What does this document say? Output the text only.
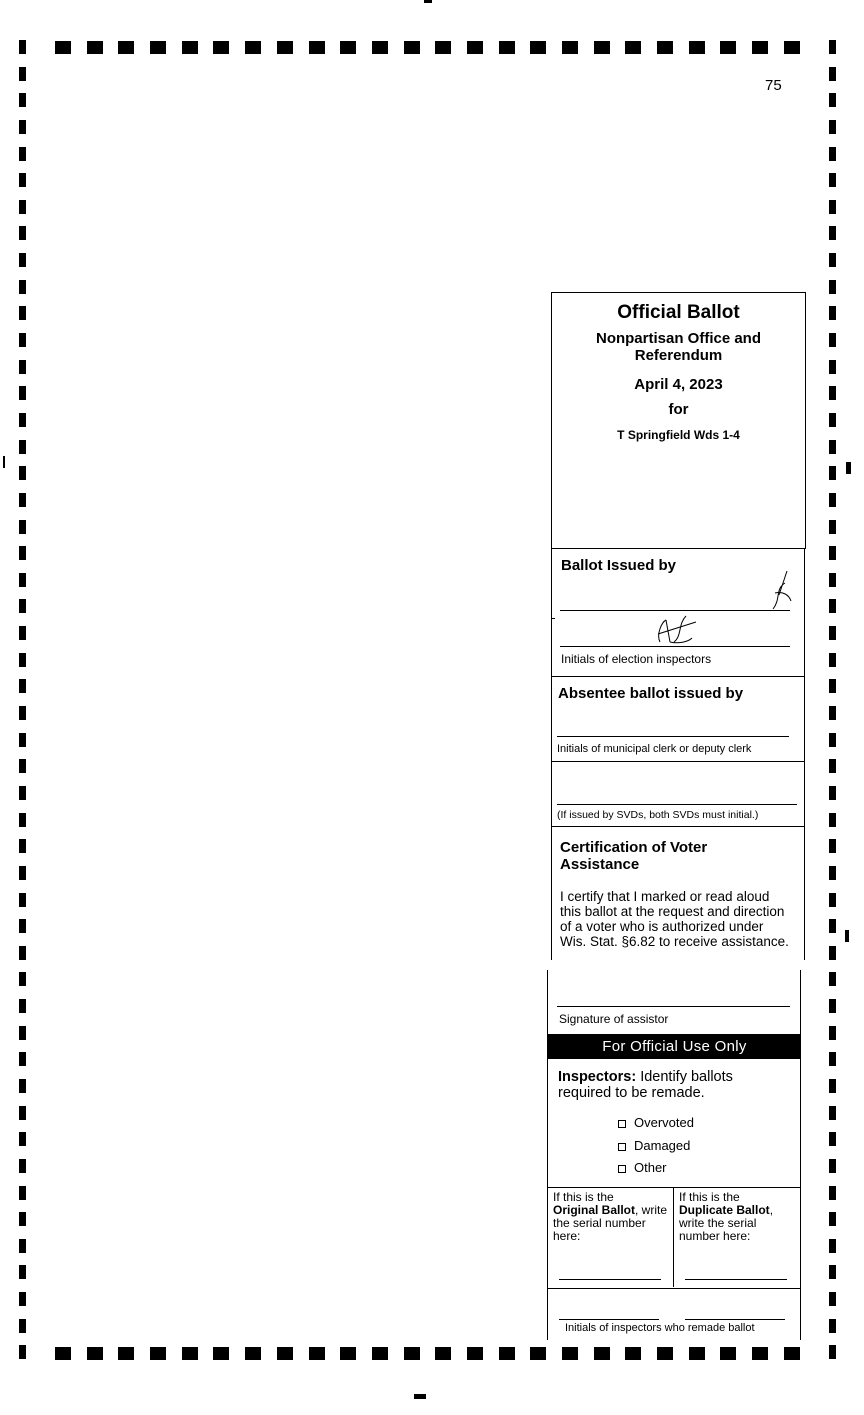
75
Official Ballot
Nonpartisan Office and Referendum
April 4, 2023
for
T Springfield Wds 1-4
Ballot Issued by
Initials of election inspectors
Absentee ballot issued by
Initials of municipal clerk or deputy clerk
(If issued by SVDs, both SVDs must initial.)
Certification of Voter Assistance
I certify that I marked or read aloud this ballot at the request and direction of a voter who is authorized under Wis. Stat. §6.82 to receive assistance.
Signature of assistor
For Official Use Only
Inspectors: Identify ballots required to be remade.
Overvoted
Damaged
Other
If this is the
Original Ballot, write the serial number here:
If this is the
Duplicate Ballot, write the serial number here:
Initials of inspectors who remade ballot
